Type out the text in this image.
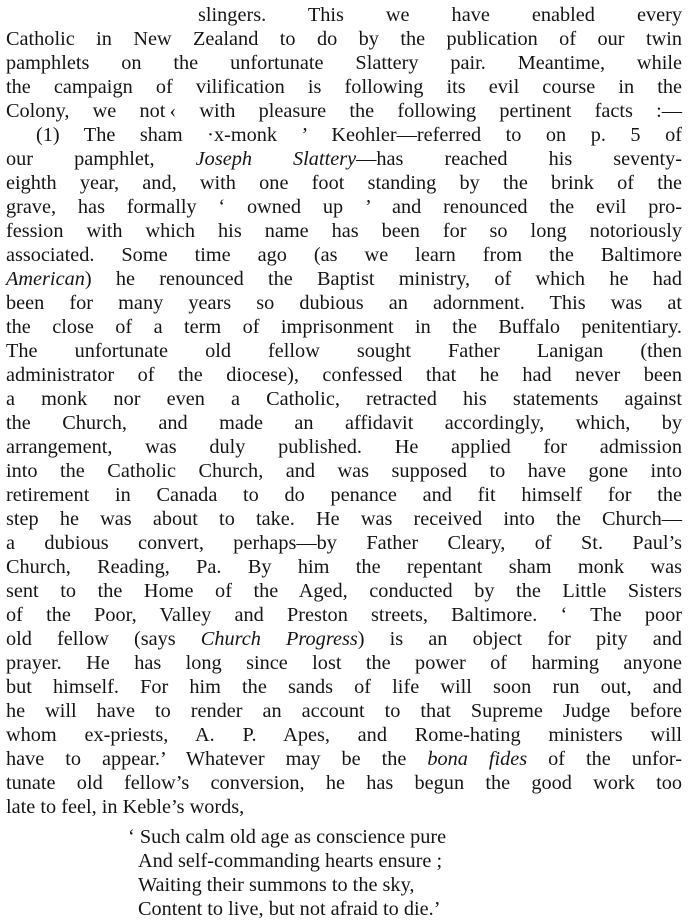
slingers. This we have enabled every
Catholic in New Zealand to do by the publication of our twin
pamphlets on the unfortunate Slattery pair. Meantime, while
the campaign of vilification is following its evil course in the
Colony, we not ‹ with pleasure the following pertinent facts :—
(1) The sham ·x-monk ’ Keohler—referred to on p. 5 of
our pamphlet, Joseph Slattery—has reached his seventy-
eighth year, and, with one foot standing by the brink of the
grave, has formally ‘ owned up ’ and renounced the evil pro-
fession with which his name has been for so long notoriously
associated. Some time ago (as we learn from the Baltimore
American) he renounced the Baptist ministry, of which he had
been for many years so dubious an adornment. This was at
the close of a term of imprisonment in the Buffalo penitentiary.
The unfortunate old fellow sought Father Lanigan (then
administrator of the diocese), confessed that he had never been
a monk nor even a Catholic, retracted his statements against
the Church, and made an affidavit accordingly, which, by
arrangement, was duly published. He applied for admission
into the Catholic Church, and was supposed to have gone into
retirement in Canada to do penance and fit himself for the
step he was about to take. He was received into the Church—
a dubious convert, perhaps—by Father Cleary, of St. Paul’s
Church, Reading, Pa. By him the repentant sham monk was
sent to the Home of the Aged, conducted by the Little Sisters
of the Poor, Valley and Preston streets, Baltimore. ‘ The poor
old fellow (says Church Progress) is an object for pity and
prayer. He has long since lost the power of harming anyone
but himself. For him the sands of life will soon run out, and
he will have to render an account to that Supreme Judge before
whom ex-priests, A. P. Apes, and Rome-hating ministers will
have to appear.’ Whatever may be the bona fides of the unfor-
tunate old fellow’s conversion, he has begun the good work too
late to feel, in Keble’s words,
‘ Such calm old age as conscience pure
And self-commanding hearts ensure ;
Waiting their summons to the sky,
Content to live, but not afraid to die.’
